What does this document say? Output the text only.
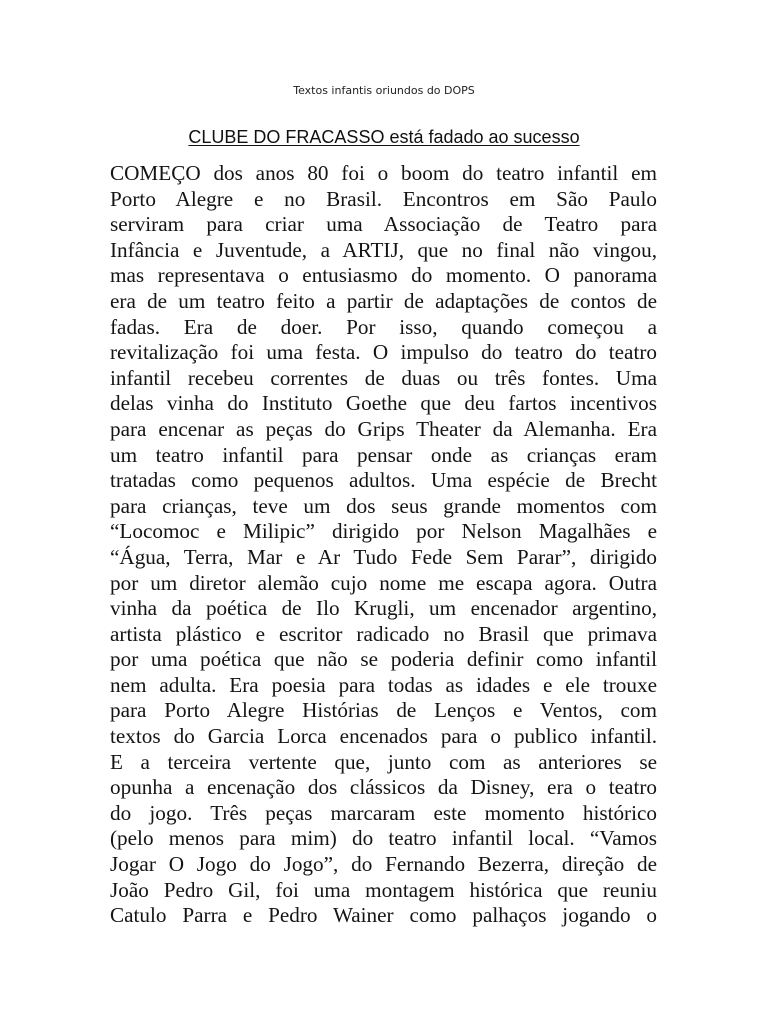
Textos infantis oriundos do DOPS
CLUBE DO FRACASSO está fadado ao sucesso
COMEÇO dos anos 80 foi o boom do teatro infantil em
Porto Alegre e no Brasil. Encontros em São Paulo
serviram para criar uma Associação de Teatro para
Infância e Juventude, a ARTIJ, que no final não vingou,
mas representava o entusiasmo do momento. O panorama
era de um teatro feito a partir de adaptações de contos de
fadas. Era de doer. Por isso, quando começou a
revitalização foi uma festa. O impulso do teatro do teatro
infantil recebeu correntes de duas ou três fontes. Uma
delas vinha do Instituto Goethe que deu fartos incentivos
para encenar as peças do Grips Theater da Alemanha. Era
um teatro infantil para pensar onde as crianças eram
tratadas como pequenos adultos. Uma espécie de Brecht
para crianças, teve um dos seus grande momentos com
“Locomoc e Milipic” dirigido por Nelson Magalhães e
“Água, Terra, Mar e Ar Tudo Fede Sem Parar”, dirigido
por um diretor alemão cujo nome me escapa agora. Outra
vinha da poética de Ilo Krugli, um encenador argentino,
artista plástico e escritor radicado no Brasil que primava
por uma poética que não se poderia definir como infantil
nem adulta. Era poesia para todas as idades e ele trouxe
para Porto Alegre Histórias de Lenços e Ventos, com
textos do Garcia Lorca encenados para o publico infantil.
E a terceira vertente que, junto com as anteriores se
opunha a encenação dos clássicos da Disney, era o teatro
do jogo. Três peças marcaram este momento histórico
(pelo menos para mim) do teatro infantil local. “Vamos
Jogar O Jogo do Jogo”, do Fernando Bezerra, direção de
João Pedro Gil, foi uma montagem histórica que reuniu
Catulo Parra e Pedro Wainer como palhaços jogando o
